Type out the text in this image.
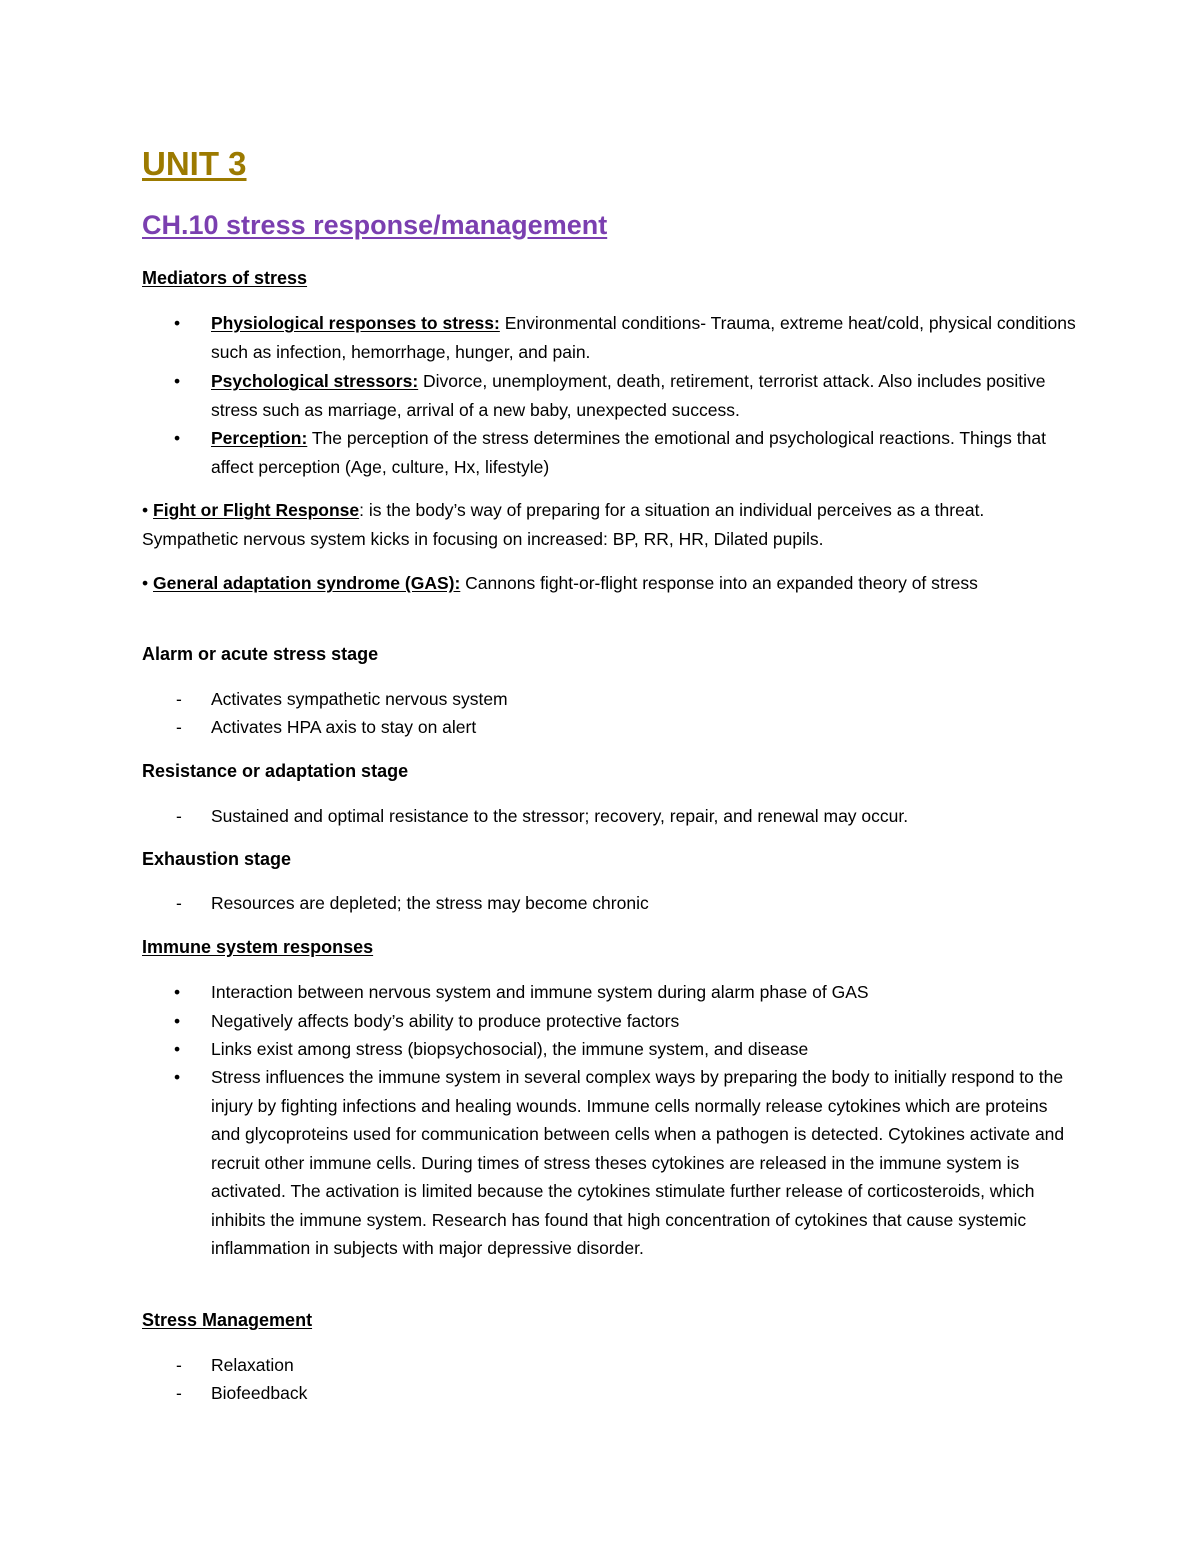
UNIT 3
CH.10 stress response/management
Mediators of stress
• Physiological responses to stress: Environmental conditions- Trauma, extreme heat/cold, physical conditions such as infection, hemorrhage, hunger, and pain.
• Psychological stressors: Divorce, unemployment, death, retirement, terrorist attack. Also includes positive stress such as marriage, arrival of a new baby, unexpected success.
• Perception: The perception of the stress determines the emotional and psychological reactions. Things that affect perception (Age, culture, Hx, lifestyle)
• Fight or Flight Response: is the body’s way of preparing for a situation an individual perceives as a threat. Sympathetic nervous system kicks in focusing on increased: BP, RR, HR, Dilated pupils.
• General adaptation syndrome (GAS): Cannons fight-or-flight response into an expanded theory of stress
Alarm or acute stress stage
- Activates sympathetic nervous system
- Activates HPA axis to stay on alert
Resistance or adaptation stage
- Sustained and optimal resistance to the stressor; recovery, repair, and renewal may occur.
Exhaustion stage
- Resources are depleted; the stress may become chronic
Immune system responses
• Interaction between nervous system and immune system during alarm phase of GAS
• Negatively affects body’s ability to produce protective factors
• Links exist among stress (biopsychosocial), the immune system, and disease
• Stress influences the immune system in several complex ways by preparing the body to initially respond to the injury by fighting infections and healing wounds. Immune cells normally release cytokines which are proteins and glycoproteins used for communication between cells when a pathogen is detected. Cytokines activate and recruit other immune cells. During times of stress theses cytokines are released in the immune system is activated. The activation is limited because the cytokines stimulate further release of corticosteroids, which inhibits the immune system. Research has found that high concentration of cytokines that cause systemic inflammation in subjects with major depressive disorder.
Stress Management
- Relaxation
- Biofeedback
